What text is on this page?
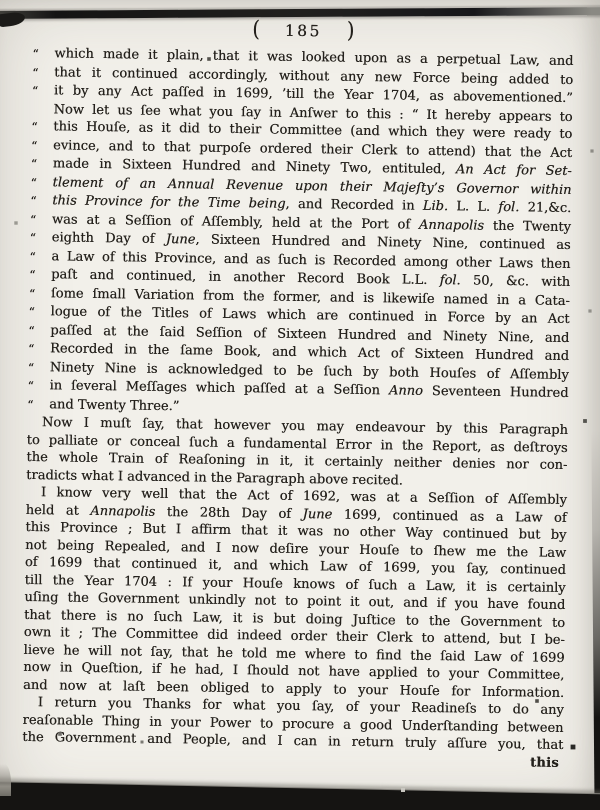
( 185 )
“	which made it plain, that it was looked upon as a perpetual Law, and
“	that it continued accordingly, without any new Force being added to
“	it by any Act paſſed in 1699, ’till the Year 1704, as abovementioned.”
Now let us ſee what you ſay in Anſwer to this : “ It hereby appears to
“	this Houſe, as it did to their Committee (and which they were ready to
“	evince, and to that purpoſe ordered their Clerk to attend) that the Act
“	made in Sixteen Hundred and Ninety Two, entituled, An Act for Set-
“	tlement of an Annual Revenue upon their Majeſty’s Governor within
“	this Province for the Time being, and Recorded in Lib. L. L. fol. 21,&c.
“	was at a Seſſion of Aſſembly, held at the Port of Annapolis the Twenty
“	eighth Day of June, Sixteen Hundred and Ninety Nine, continued as
“	a Law of this Province, and as ſuch is Recorded among other Laws then
“	paſt and continued, in another Record Book L.L. fol. 50, &c. with
“	ſome ſmall Variation from the former, and is likewiſe named in a Cata-
“	logue of the Titles of Laws which are continued in Force by an Act
“	paſſed at the ſaid Seſſion of Sixteen Hundred and Ninety Nine, and
“	Recorded in the ſame Book, and which Act of Sixteen Hundred and
“	Ninety Nine is acknowledged to be ſuch by both Houſes of Aſſembly
“	in ſeveral Meſſages which paſſed at a Seſſion Anno Seventeen Hundred
“	and Twenty Three.”
Now I muſt ſay, that however you may endeavour by this Paragraph
to palliate or conceal ſuch a fundamental Error in the Report, as deſtroys
the whole Train of Reaſoning in it, it certainly neither denies nor con-
tradicts what I advanced in the Paragraph above recited.
I know very well that the Act of 1692, was at a Seſſion of Aſſembly
held at Annapolis the 28th Day of June 1699, continued as a Law of
this Province ; But I affirm that it was no other Way continued but by
not being Repealed, and I now deſire your Houſe to ſhew me the Law
of 1699 that continued it, and which Law of 1699, you ſay, continued
till the Year 1704 : If your Houſe knows of ſuch a Law, it is certainly
uſing the Government unkindly not to point it out, and if you have found
that there is no ſuch Law, it is but doing Juſtice to the Government to
own it ; The Committee did indeed order their Clerk to attend, but I be-
lieve he will not ſay, that he told me where to find the ſaid Law of 1699
now in Queſtion, if he had, I ſhould not have applied to your Committee,
and now at laſt been obliged to apply to your Houſe for Information.
I return you Thanks for what you ſay, of your Readineſs to do any
reaſonable Thing in your Power to procure a good Underſtanding between
the Government and People, and I can in return truly aſſure you, that
this
